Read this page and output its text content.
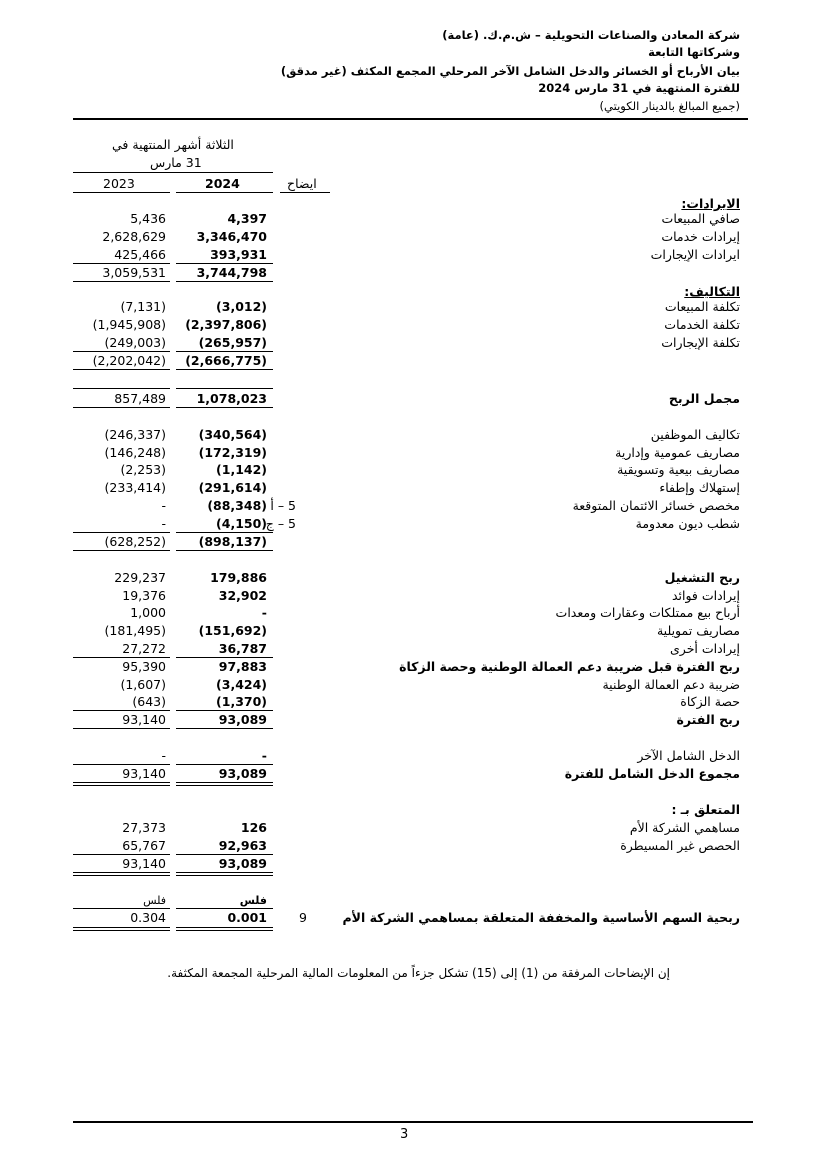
شركة المعادن والصناعات التحويلية – ش.م.ك. (عامة)
وشركاتها التابعة
بيان الأرباح أو الخسائر والدخل الشامل الآخر المرحلي المجمع المكثف (غير مدقق)
للفترة المنتهية في 31 مارس 2024
(جميع المبالغ بالدينار الكويتي)
الثلاثة أشهر المنتهية في
31 مارس
2023	2024	ايضاح
الايرادات:
صافي المبيعات
4,397
5,436
إيرادات خدمات
3,346,470
2,628,629
ايرادات الإيجارات
393,931
425,466
3,744,798
3,059,531
التكاليف:
تكلفة المبيعات
(3,012)
(7,131)
تكلفة الخدمات
(2,397,806)
(1,945,908)
تكلفة الإيجارات
(265,957)
(249,003)
(2,666,775)
(2,202,042)
مجمل الربح
1,078,023
857,489
تكاليف الموظفين
(340,564)
(246,337)
مصاريف عمومية وإدارية
(172,319)
(146,248)
مصاريف بيعية وتسويقية
(1,142)
(2,253)
إستهلاك وإطفاء
(291,614)
(233,414)
مخصص خسائر الائتمان المتوقعة
5 – أ
(88,348)
-
شطب ديون معدومة
5 – ج
(4,150)
-
(898,137)
(628,252)
ربح التشغيل
179,886
229,237
إيرادات فوائد
32,902
19,376
أرباح بيع ممتلكات وعقارات ومعدات
-
1,000
مصاريف تمويلية
(151,692)
(181,495)
إيرادات أخرى
36,787
27,272
ربح الفترة قبل ضريبة دعم العمالة الوطنية وحصة الزكاة
97,883
95,390
ضريبة دعم العمالة الوطنية
(3,424)
(1,607)
حصة الزكاة
(1,370)
(643)
ربح الفترة
93,089
93,140
الدخل الشامل الآخر
-
-
مجموع الدخل الشامل للفترة
93,089
93,140
المتعلق بـ :
مساهمي الشركة الأم
126
27,373
الحصص غير المسيطرة
92,963
65,767
93,089
93,140
فلس
فلس
ربحية السهم الأساسية والمخففة المتعلقة بمساهمي الشركة الأم
9
0.001
0.304
إن الإيضاحات المرفقة من (1) إلى (15) تشكل جزءاً من المعلومات المالية المرحلية المجمعة المكثفة.
3
